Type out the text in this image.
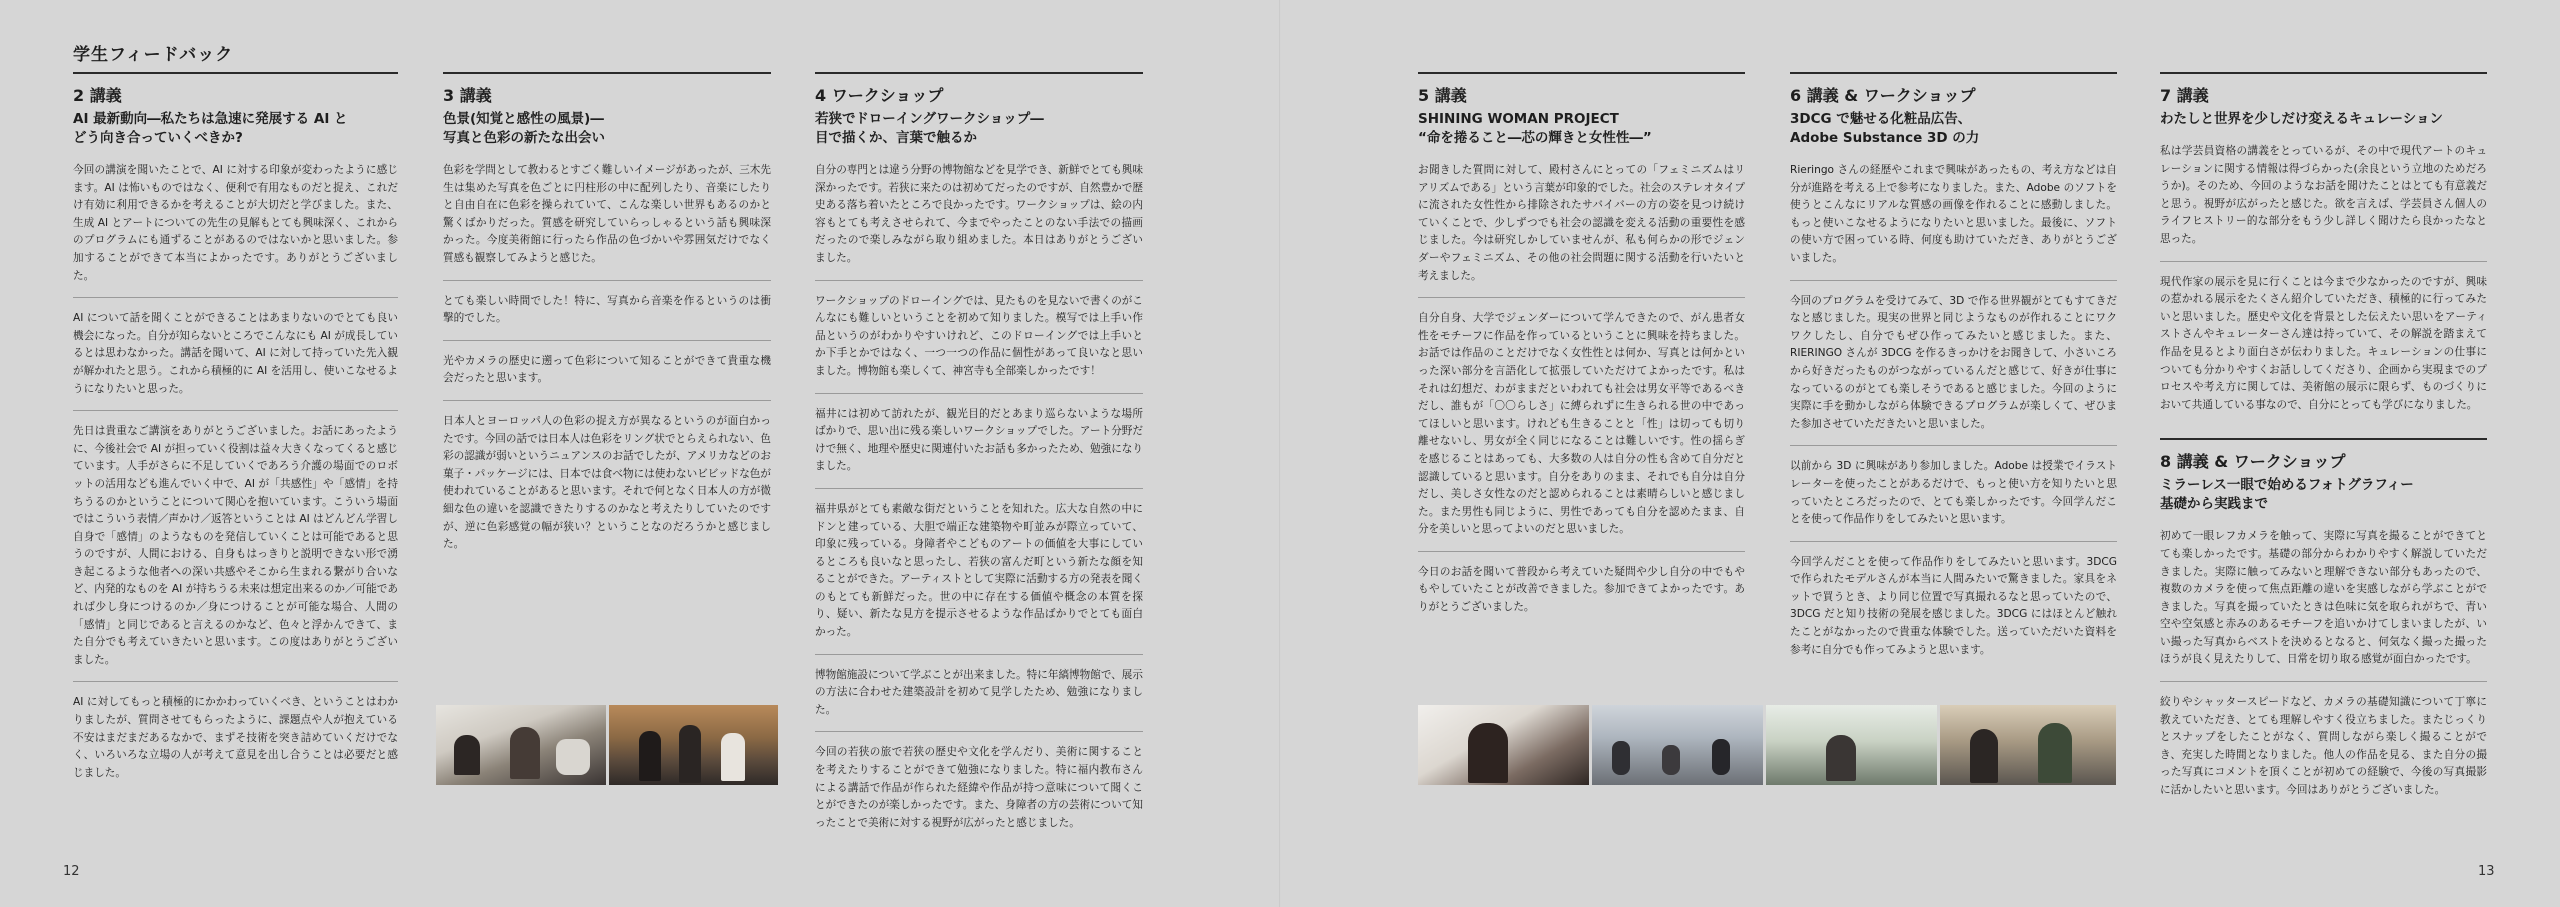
学生フィードバック
2 講義
AI 最新動向―私たちは急速に発展する AI と
どう向き合っていくべきか?
今回の講演を聞いたことで、AI に対する印象が変わったように感じます。AI は怖いものではなく、便利で有用なものだと捉え、これだけ有効に利用できるかを考えることが大切だと学びました。また、生成 AI とアートについての先生の見解もとても興味深く、これからのプログラムにも通ずることがあるのではないかと思いました。参加することができて本当によかったです。ありがとうございました。
AI について話を聞くことができることはあまりないのでとても良い機会になった。自分が知らないところでこんなにも AI が成長しているとは思わなかった。講話を聞いて、AI に対して持っていた先入観が解かれたと思う。これから積極的に AI を活用し、使いこなせるようになりたいと思った。
先日は貴重なご講演をありがとうございました。お話にあったように、今後社会で AI が担っていく役割は益々大きくなってくると感じています。人手がさらに不足していくであろう介護の場面でのロボットの活用なども進んでいく中で、AI が「共感性」や「感情」を持ちうるのかということについて関心を抱いています。こういう場面ではこういう表情／声かけ／返答ということは AI はどんどん学習し自身で「感情」のようなものを発信していくことは可能であると思うのですが、人間における、自身もはっきりと説明できない形で湧き起こるような他者への深い共感やそこから生まれる繋がり合いなど、内発的なものを AI が持ちうる未来は想定出来るのか／可能であれば少し身につけるのか／身につけることが可能な場合、人間の「感情」と同じであると言えるのかなど、色々と浮かんできて、また自分でも考えていきたいと思います。この度はありがとうございました。
AI に対してもっと積極的にかかわっていくべき、ということはわかりましたが、質問させてもらったように、課題点や人が抱えている不安はまだまだあるなかで、まずそ技術を突き詰めていくだけでなく、いろいろな立場の人が考えて意見を出し合うことは必要だと感じました。
3 講義
色景(知覚と感性の風景)―
写真と色彩の新たな出会い
色彩を学問として教わるとすごく難しいイメージがあったが、三木先生は集めた写真を色ごとに円柱形の中に配列したり、音楽にしたりと自由自在に色彩を操られていて、こんな楽しい世界もあるのかと驚くばかりだった。質感を研究していらっしゃるという話も興味深かった。今度美術館に行ったら作品の色づかいや雰囲気だけでなく質感も観察してみようと感じた。
とても楽しい時間でした！特に、写真から音楽を作るというのは衝撃的でした。
光やカメラの歴史に遡って色彩について知ることができて貴重な機会だったと思います。
日本人とヨーロッパ人の色彩の捉え方が異なるというのが面白かったです。今回の話では日本人は色彩をリング状でとらえられない、色彩の認識が弱いというニュアンスのお話でしたが、アメリカなどのお菓子・パッケージには、日本では食べ物には使わないビビッドな色が使われていることがあると思います。それで何となく日本人の方が微細な色の違いを認識できたりするのかなと考えたりしていたのですが、逆に色彩感覚の幅が狭い？ということなのだろうかと感じました。
4 ワークショップ
若狭でドローイングワークショップ―
目で描くか、言葉で触るか
自分の専門とは違う分野の博物館などを見学でき、新鮮でとても興味深かったです。若狭に来たのは初めてだったのですが、自然豊かで歴史ある落ち着いたところで良かったです。ワークショップは、絵の内容もとても考えさせられて、今までやったことのない手法での描画だったので楽しみながら取り組めました。本日はありがとうございました。
ワークショップのドローイングでは、見たものを見ないで書くのがこんなにも難しいということを初めて知りました。模写では上手い作品というのがわかりやすいけれど、このドローイングでは上手いとか下手とかではなく、一つ一つの作品に個性があって良いなと思いました。博物館も楽しくて、神宮寺も全部楽しかったです！
福井には初めて訪れたが、観光目的だとあまり巡らないような場所ばかりで、思い出に残る楽しいワークショップでした。アート分野だけで無く、地理や歴史に関連付いたお話も多かったため、勉強になりました。
福井県がとても素敵な街だということを知れた。広大な自然の中にドンと建っている、大胆で端正な建築物や町並みが際立っていて、印象に残っている。身障者やこどものアートの価値を大事にしているところも良いなと思ったし、若狭の富んだ町という新たな顔を知ることができた。アーティストとして実際に活動する方の発表を聞くのもとても新鮮だった。世の中に存在する価値や概念の本質を探り、疑い、新たな見方を提示させるような作品ばかりでとても面白かった。
博物館施設について学ぶことが出来ました。特に年縞博物館で、展示の方法に合わせた建築設計を初めて見学したため、勉強になりました。
今回の若狭の旅で若狭の歴史や文化を学んだり、美術に関することを考えたりすることができて勉強になりました。特に福内教布さんによる講話で作品が作られた経緯や作品が持つ意味について聞くことができたのが楽しかったです。また、身障者の方の芸術について知ったことで美術に対する視野が広がったと感じました。
12
5 講義
SHINING WOMAN PROJECT
“命を捲ること―芯の輝きと女性性―”
お聞きした質問に対して、殿村さんにとっての「フェミニズムはリアリズムである」という言葉が印象的でした。社会のステレオタイプに流された女性性から排除されたサバイバーの方の姿を見つけ続けていくことで、少しずつでも社会の認識を変える活動の重要性を感じました。今は研究しかしていませんが、私も何らかの形でジェンダーやフェミニズム、その他の社会問題に関する活動を行いたいと考えました。
自分自身、大学でジェンダーについて学んできたので、がん患者女性をモチーフに作品を作っているということに興味を持ちました。お話では作品のことだけでなく女性性とは何か、写真とは何かといった深い部分を言語化して拡張していただけてよかったです。私はそれは幻想だ、わがままだといわれても社会は男女平等であるべきだし、誰もが「〇〇らしさ」に縛られずに生きられる世の中であってほしいと思います。けれども生きることと「性」は切っても切り離せないし、男女が全く同じになることは難しいです。性の揺らぎを感じることはあっても、大多数の人は自分の性も含めて自分だと認識していると思います。自分をありのまま、それでも自分は自分だし、美しさ女性なのだと認められることは素晴らしいと感じました。また男性も同じように、男性であっても自分を認めたまま、自分を美しいと思ってよいのだと思いました。
今日のお話を聞いて普段から考えていた疑問や少し自分の中でもやもやしていたことが改善できました。参加できてよかったです。ありがとうございました。
6 講義 & ワークショップ
3DCG で魅せる化粧品広告、
Adobe Substance 3D の力
Rieringo さんの経歴やこれまで興味があったもの、考え方などは自分が進路を考える上で参考になりました。また、Adobe のソフトを使うとこんなにリアルな質感の画像を作れることに感動しました。もっと使いこなせるようになりたいと思いました。最後に、ソフトの使い方で困っている時、何度も助けていただき、ありがとうございました。
今回のプログラムを受けてみて、3D で作る世界観がとてもすてきだなと感じました。現実の世界と同じようなものが作れることにワクワクしたし、自分でもぜひ作ってみたいと感じました。また、RIERINGO さんが 3DCG を作るきっかけをお聞きして、小さいころから好きだったものがつながっているんだと感じて、好きが仕事になっているのがとても楽しそうであると感じました。今回のように実際に手を動かしながら体験できるプログラムが楽しくて、ぜひまた参加させていただきたいと思いました。
以前から 3D に興味があり参加しました。Adobe は授業でイラストレーターを使ったことがあるだけで、もっと使い方を知りたいと思っていたところだったので、とても楽しかったです。今回学んだことを使って作品作りをしてみたいと思います。
今回学んだことを使って作品作りをしてみたいと思います。3DCG で作られたモデルさんが本当に人間みたいで驚きました。家具をネットで買うとき、より同じ位置で写真撮れるなと思っていたので、3DCG だと知り技術の発展を感じました。3DCG にはほとんど触れたことがなかったので貴重な体験でした。送っていただいた資料を参考に自分でも作ってみようと思います。
7 講義
わたしと世界を少しだけ変えるキュレーション
私は学芸員資格の講義をとっているが、その中で現代アートのキュレーションに関する情報は得づらかった(余良という立地のためだろうか)。そのため、今回のようなお話を聞けたことはとても有意義だと思う。視野が広がったと感じた。欲を言えば、学芸員さん個人のライフヒストリー的な部分をもう少し詳しく聞けたら良かったなと思った。
現代作家の展示を見に行くことは今まで少なかったのですが、興味の惹かれる展示をたくさん紹介していただき、積極的に行ってみたいと思いました。歴史や文化を背景とした伝えたい思いをアーティストさんやキュレーターさん達は持っていて、その解説を踏まえて作品を見るとより面白さが伝わりました。キュレーションの仕事についても分かりやすくお話ししてくださり、企画から実現までのプロセスや考え方に関しては、美術館の展示に限らず、ものづくりにおいて共通している事なので、自分にとっても学びになりました。
8 講義 & ワークショップ
ミラーレス一眼で始めるフォトグラフィー
基礎から実践まで
初めて一眼レフカメラを触って、実際に写真を撮ることができてとても楽しかったです。基礎の部分からわかりやすく解説していただきました。実際に触ってみないと理解できない部分もあったので、複数のカメラを使って焦点距離の違いを実感しながら学ぶことができました。写真を撮っていたときは色味に気を取られがちで、青い空や空気感と赤みのあるモチーフを追いかけてしまいましたが、いい撮った写真からベストを決めるとなると、何気なく撮った撮ったほうが良く見えたりして、日常を切り取る感覚が面白かったです。
絞りやシャッタースピードなど、カメラの基礎知識について丁寧に教えていただき、とても理解しやすく役立ちました。またじっくりとスナップをしたことがなく、質問しながら楽しく撮ることができ、充実した時間となりました。他人の作品を見る、また自分の撮った写真にコメントを頂くことが初めての経験で、今後の写真撮影に活かしたいと思います。今回はありがとうございました。
13
